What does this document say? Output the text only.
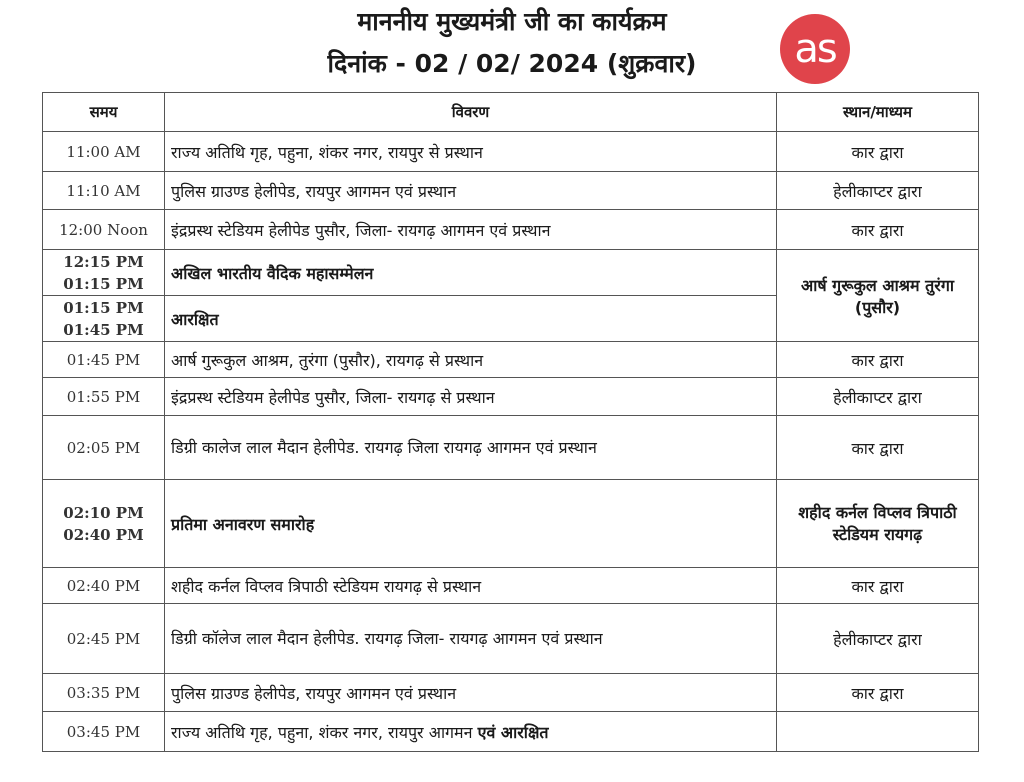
माननीय मुख्यमंत्री जी का कार्यक्रम
दिनांक - 02 / 02/ 2024 (शुक्रवार)	as
समय	विवरण	स्थान/माध्यम
11:00 AM	राज्य अतिथि गृह, पहुना, शंकर नगर, रायपुर से प्रस्थान	कार द्वारा
11:10 AM	पुलिस ग्राउण्ड हेलीपेड, रायपुर आगमन एवं प्रस्थान	हेलीकाप्टर द्वारा
12:00 Noon	इंद्रप्रस्थ स्टेडियम हेलीपेड पुसौर, जिला- रायगढ़ आगमन एवं प्रस्थान	कार द्वारा

12:15 PM
01:15 PM	अखिल भारतीय वैदिक महासम्मेलन	आर्ष गुरूकुल आश्रम तुरंगा (पुसौर)

01:15 PM
01:45 PM	आरक्षित	
01:45 PM	आर्ष गुरूकुल आश्रम, तुरंगा (पुसौर), रायगढ़ से प्रस्थान	कार द्वारा
01:55 PM	इंद्रप्रस्थ स्टेडियम हेलीपेड पुसौर, जिला- रायगढ़ से प्रस्थान	हेलीकाप्टर द्वारा
02:05 PM	डिग्री कालेज लाल मैदान हेलीपेड. रायगढ़ जिला रायगढ़ आगमन एवं प्रस्थान	कार द्वारा

02:10 PM
02:40 PM	प्रतिमा अनावरण समारोह	शहीद कर्नल विप्लव त्रिपाठी स्टेडियम रायगढ़
02:40 PM	शहीद कर्नल विप्लव त्रिपाठी स्टेडियम रायगढ़ से प्रस्थान	कार द्वारा
02:45 PM	डिग्री कॉलेज लाल मैदान हेलीपेड. रायगढ़ जिला- रायगढ़ आगमन एवं प्रस्थान	हेलीकाप्टर द्वारा
03:35 PM	पुलिस ग्राउण्ड हेलीपेड, रायपुर आगमन एवं प्रस्थान	कार द्वारा
03:45 PM	राज्य अतिथि गृह, पहुना, शंकर नगर, रायपुर आगमन एवं आरक्षित	
